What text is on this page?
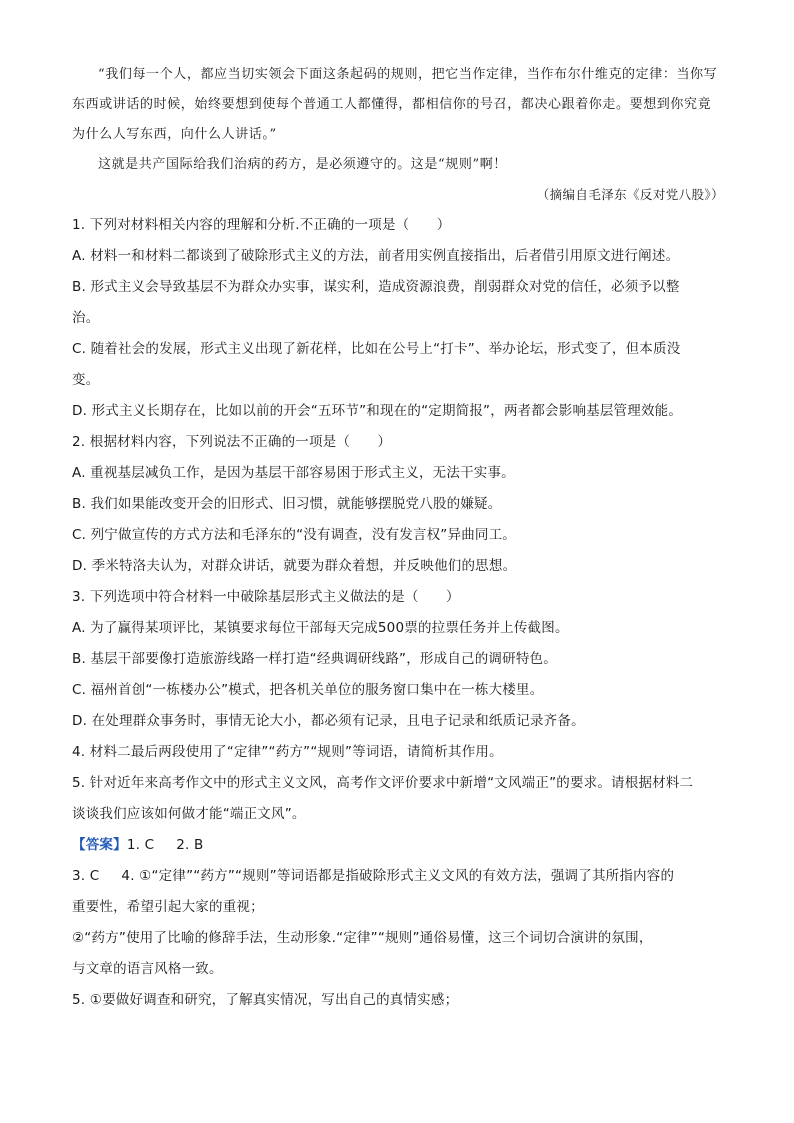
“我们每一个人，都应当切实领会下面这条起码的规则，把它当作定律，当作布尔什维克的定律：当你写东西或讲话的时候，始终要想到使每个普通工人都懂得，都相信你的号召，都决心跟着你走。要想到你究竟为什么人写东西，向什么人讲话。”

这就是共产国际给我们治病的药方，是必须遵守的。这是“规则”啊！

（摘编自毛泽东《反对党八股》）

1. 下列对材料相关内容的理解和分析.不正确的一项是（　　）

A. 材料一和材料二都谈到了破除形式主义的方法，前者用实例直接指出，后者借引用原文进行阐述。

B. 形式主义会导致基层不为群众办实事，谋实利，造成资源浪费，削弱群众对党的信任，必须予以整

治。

C. 随着社会的发展，形式主义出现了新花样，比如在公号上“打卡”、举办论坛，形式变了，但本质没

变。

D. 形式主义长期存在，比如以前的开会“五环节”和现在的“定期简报”，两者都会影响基层管理效能。

2. 根据材料内容，下列说法不正确的一项是（　　）

A. 重视基层减负工作，是因为基层干部容易困于形式主义，无法干实事。

B. 我们如果能改变开会的旧形式、旧习惯，就能够摆脱党八股的嫌疑。

C. 列宁做宣传的方式方法和毛泽东的“没有调查，没有发言权”异曲同工。

D. 季米特洛夫认为，对群众讲话，就要为群众着想，并反映他们的思想。

3. 下列选项中符合材料一中破除基层形式主义做法的是（　　）

A. 为了赢得某项评比，某镇要求每位干部每天完成500票的拉票任务并上传截图。

B. 基层干部要像打造旅游线路一样打造“经典调研线路”，形成自己的调研特色。

C. 福州首创“一栋楼办公”模式，把各机关单位的服务窗口集中在一栋大楼里。

D. 在处理群众事务时，事情无论大小，都必须有记录，且电子记录和纸质记录齐备。

4. 材料二最后两段使用了“定律”“药方”“规则”等词语，请简析其作用。

5. 针对近年来高考作文中的形式主义文风，高考作文评价要求中新增“文风端正”的要求。请根据材料二

谈谈我们应该如何做才能“端正文风”。

【答案】1. C 2. B

3. C 4. ①“定律”“药方”“规则”等词语都是指破除形式主义文风的有效方法，强调了其所指内容的

重要性，希望引起大家的重视；

②“药方”使用了比喻的修辞手法，生动形象.“定律”“规则”通俗易懂，这三个词切合演讲的氛围，

与文章的语言风格一致。

5. ①要做好调查和研究，了解真实情况，写出自己的真情实感；
